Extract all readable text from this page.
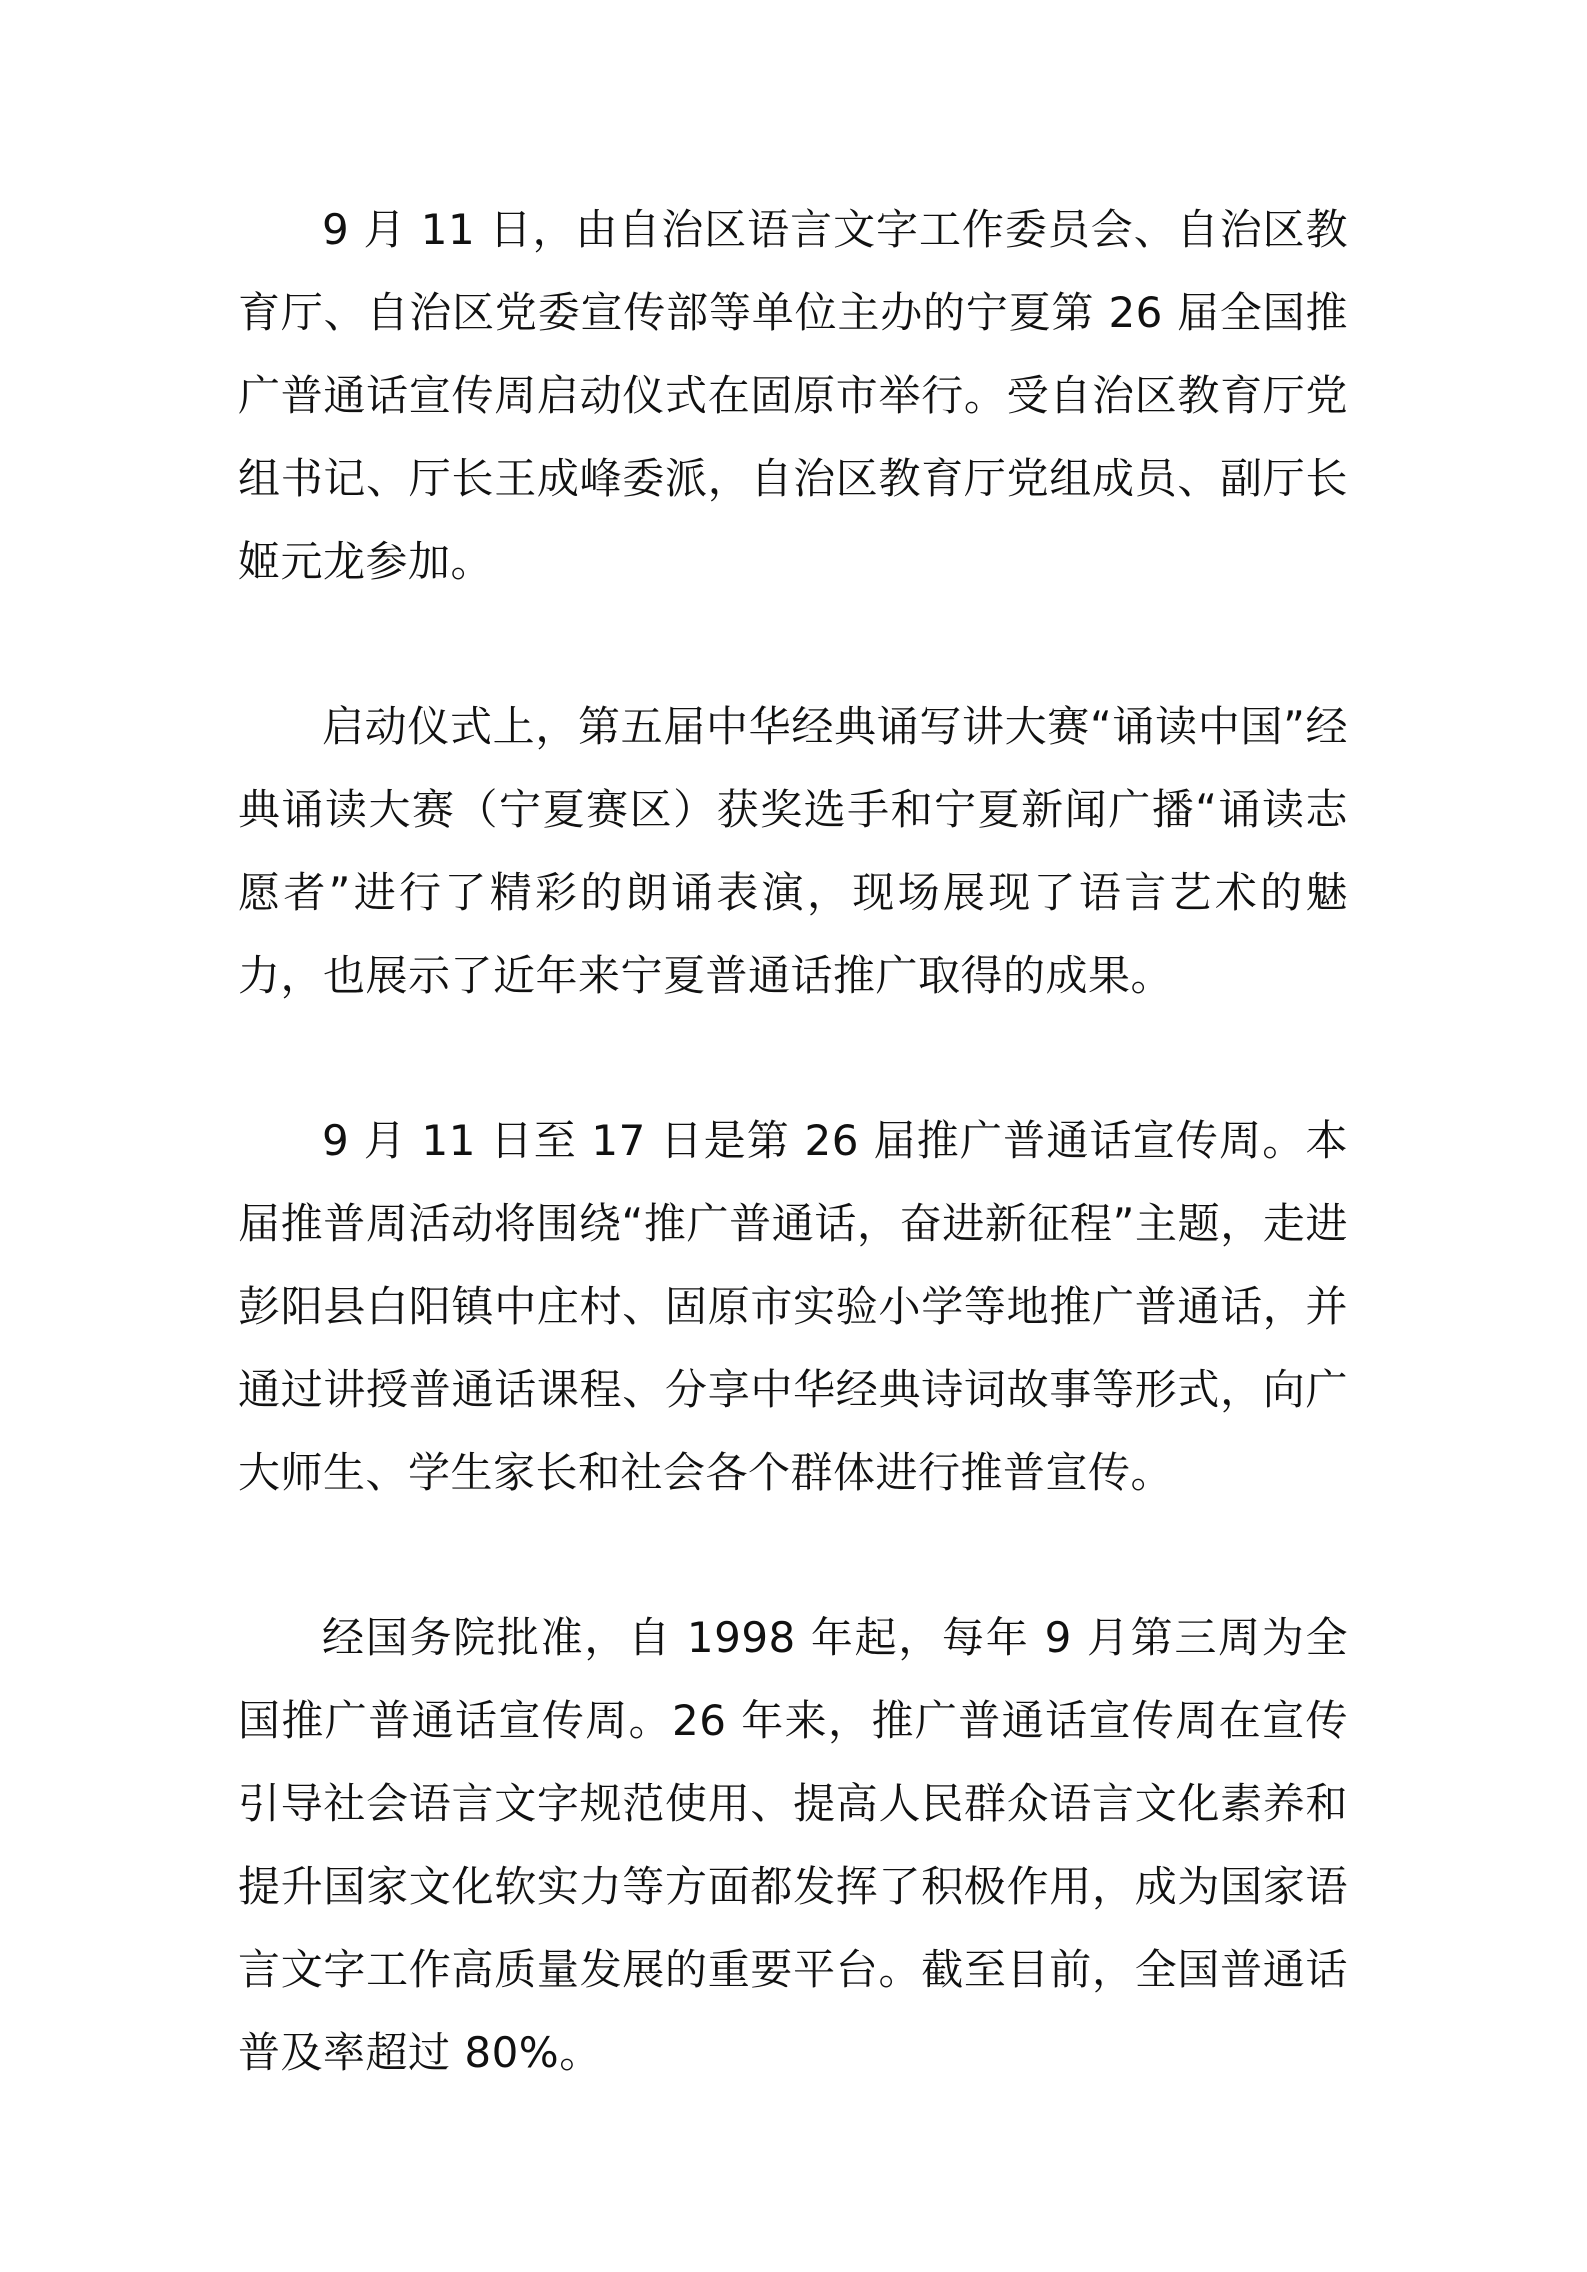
9 月 11 日，由自治区语言文字工作委员会、自治区教育厅、自治区党委宣传部等单位主办的宁夏第 26 届全国推广普通话宣传周启动仪式在固原市举行。受自治区教育厅党组书记、厅长王成峰委派，自治区教育厅党组成员、副厅长姬元龙参加。

启动仪式上，第五届中华经典诵写讲大赛“诵读中国”经典诵读大赛（宁夏赛区）获奖选手和宁夏新闻广播“诵读志愿者”进行了精彩的朗诵表演，现场展现了语言艺术的魅力，也展示了近年来宁夏普通话推广取得的成果。

9 月 11 日至 17 日是第 26 届推广普通话宣传周。本届推普周活动将围绕“推广普通话，奋进新征程”主题，走进彭阳县白阳镇中庄村、固原市实验小学等地推广普通话，并通过讲授普通话课程、分享中华经典诗词故事等形式，向广大师生、学生家长和社会各个群体进行推普宣传。

经国务院批准，自 1998 年起，每年 9 月第三周为全国推广普通话宣传周。26 年来，推广普通话宣传周在宣传引导社会语言文字规范使用、提高人民群众语言文化素养和提升国家文化软实力等方面都发挥了积极作用，成为国家语言文字工作高质量发展的重要平台。截至目前，全国普通话普及率超过 80%。
